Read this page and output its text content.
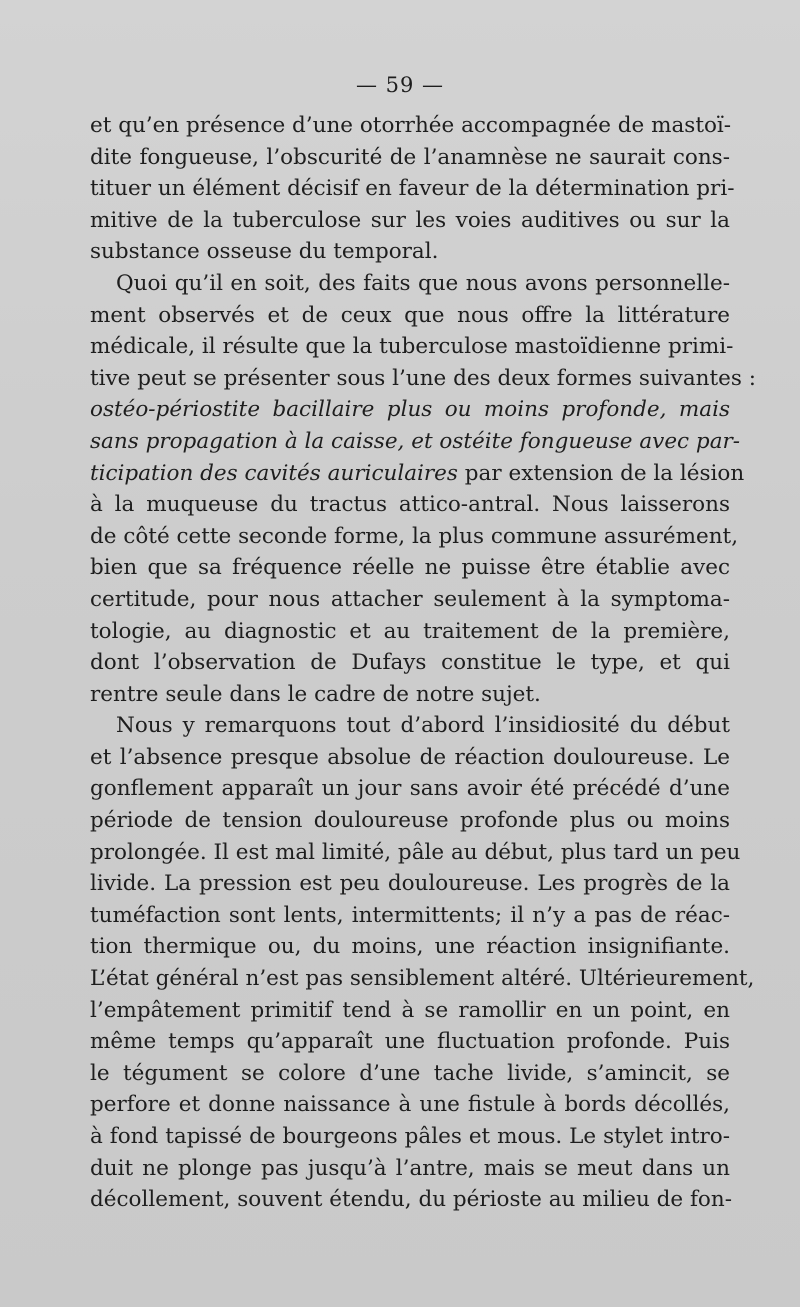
— 59 —

et qu’en présence d’une otorrhée accompagnée de mastoï-
dite fongueuse, l’obscurité de l’anamnèse ne saurait cons-
tituer un élément décisif en faveur de la détermination pri-
mitive de la tuberculose sur les voies auditives ou sur la
substance osseuse du temporal.

Quoi qu’il en soit, des faits que nous avons personnelle-
ment observés et de ceux que nous offre la littérature
médicale, il résulte que la tuberculose mastoïdienne primi-
tive peut se présenter sous l’une des deux formes suivantes :
ostéo-périostite bacillaire plus ou moins profonde, mais
sans propagation à la caisse, et ostéite fongueuse avec par-
ticipation des cavités auriculaires par extension de la lésion
à la muqueuse du tractus attico-antral. Nous laisserons
de côté cette seconde forme, la plus commune assurément,
bien que sa fréquence réelle ne puisse être établie avec
certitude, pour nous attacher seulement à la symptoma-
tologie, au diagnostic et au traitement de la première,
dont l’observation de Dufays constitue le type, et qui
rentre seule dans le cadre de notre sujet.

Nous y remarquons tout d’abord l’insidiosité du début
et l’absence presque absolue de réaction douloureuse. Le
gonflement apparaît un jour sans avoir été précédé d’une
période de tension douloureuse profonde plus ou moins
prolongée. Il est mal limité, pâle au début, plus tard un peu
livide. La pression est peu douloureuse. Les progrès de la
tuméfaction sont lents, intermittents; il n’y a pas de réac-
tion thermique ou, du moins, une réaction insignifiante.
L’état général n’est pas sensiblement altéré. Ultérieurement,
l’empâtement primitif tend à se ramollir en un point, en
même temps qu’apparaît une fluctuation profonde. Puis
le tégument se colore d’une tache livide, s’amincit, se
perfore et donne naissance à une fistule à bords décollés,
à fond tapissé de bourgeons pâles et mous. Le stylet intro-
duit ne plonge pas jusqu’à l’antre, mais se meut dans un
décollement, souvent étendu, du périoste au milieu de fon-
